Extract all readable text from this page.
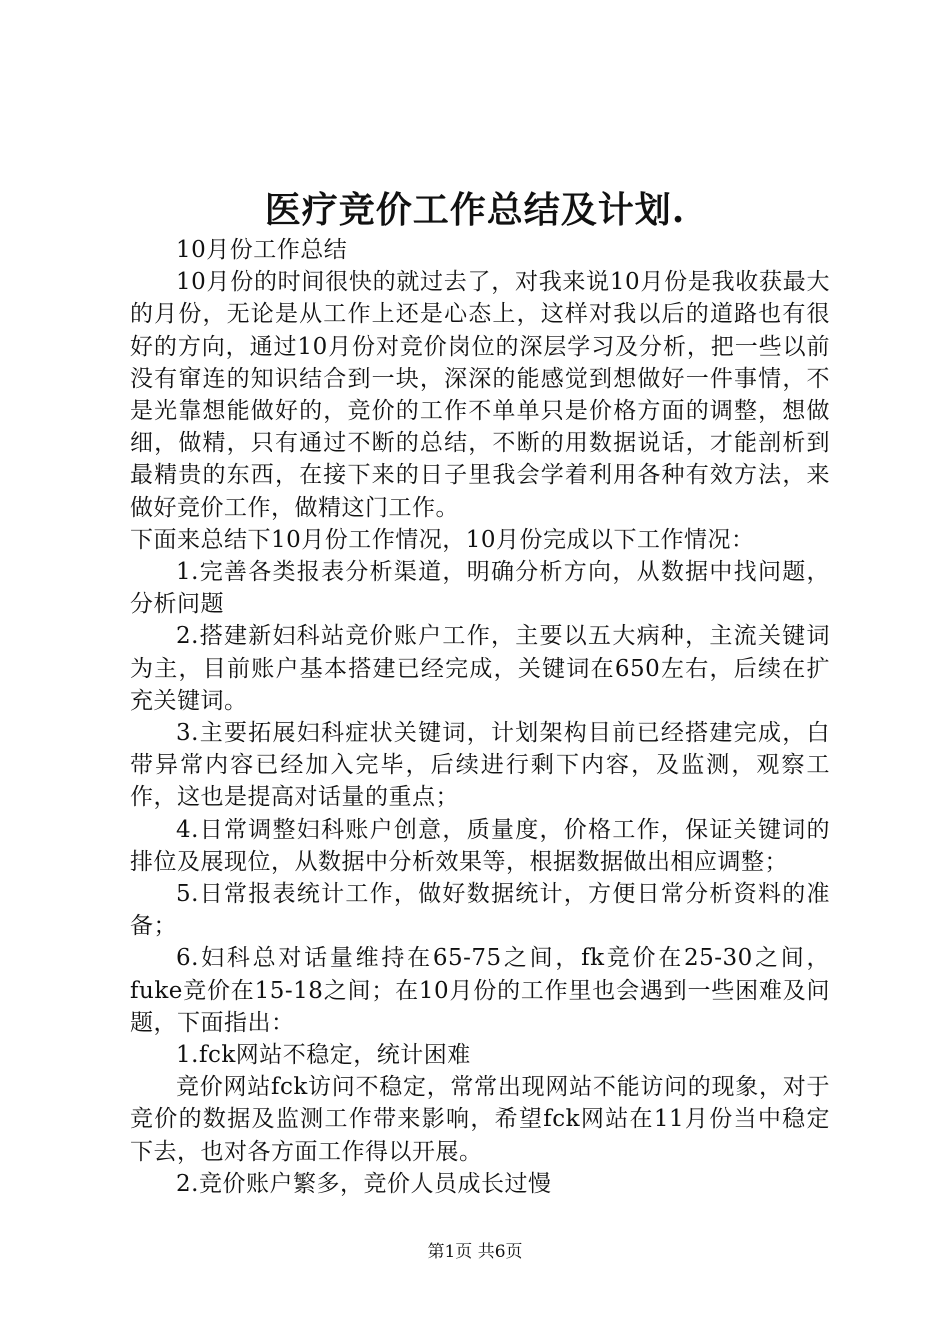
医疗竞价工作总结及计划.

10月份工作总结

10月份的时间很快的就过去了，对我来说10月份是我收获最大的月份，无论是从工作上还是心态上，这样对我以后的道路也有很好的方向，通过10月份对竞价岗位的深层学习及分析，把一些以前没有窜连的知识结合到一块，深深的能感觉到想做好一件事情，不是光靠想能做好的，竞价的工作不单单只是价格方面的调整，想做细，做精，只有通过不断的总结，不断的用数据说话，才能剖析到最精贵的东西，在接下来的日子里我会学着利用各种有效方法，来做好竞价工作，做精这门工作。

下面来总结下10月份工作情况，10月份完成以下工作情况：

1.完善各类报表分析渠道，明确分析方向，从数据中找问题，分析问题

2.搭建新妇科站竞价账户工作，主要以五大病种，主流关键词为主，目前账户基本搭建已经完成，关键词在650左右，后续在扩充关键词。

3.主要拓展妇科症状关键词，计划架构目前已经搭建完成，白带异常内容已经加入完毕，后续进行剩下内容，及监测，观察工作，这也是提高对话量的重点；

4.日常调整妇科账户创意，质量度，价格工作，保证关键词的排位及展现位，从数据中分析效果等，根据数据做出相应调整；

5.日常报表统计工作，做好数据统计，方便日常分析资料的准备；

6.妇科总对话量维持在65-75之间，fk竞价在25-30之间，fuke竞价在15-18之间；在10月份的工作里也会遇到一些困难及问题，下面指出：

1.fck网站不稳定，统计困难

竞价网站fck访问不稳定，常常出现网站不能访问的现象，对于竞价的数据及监测工作带来影响，希望fck网站在11月份当中稳定下去，也对各方面工作得以开展。

2.竞价账户繁多，竞价人员成长过慢

第1页 共6页
